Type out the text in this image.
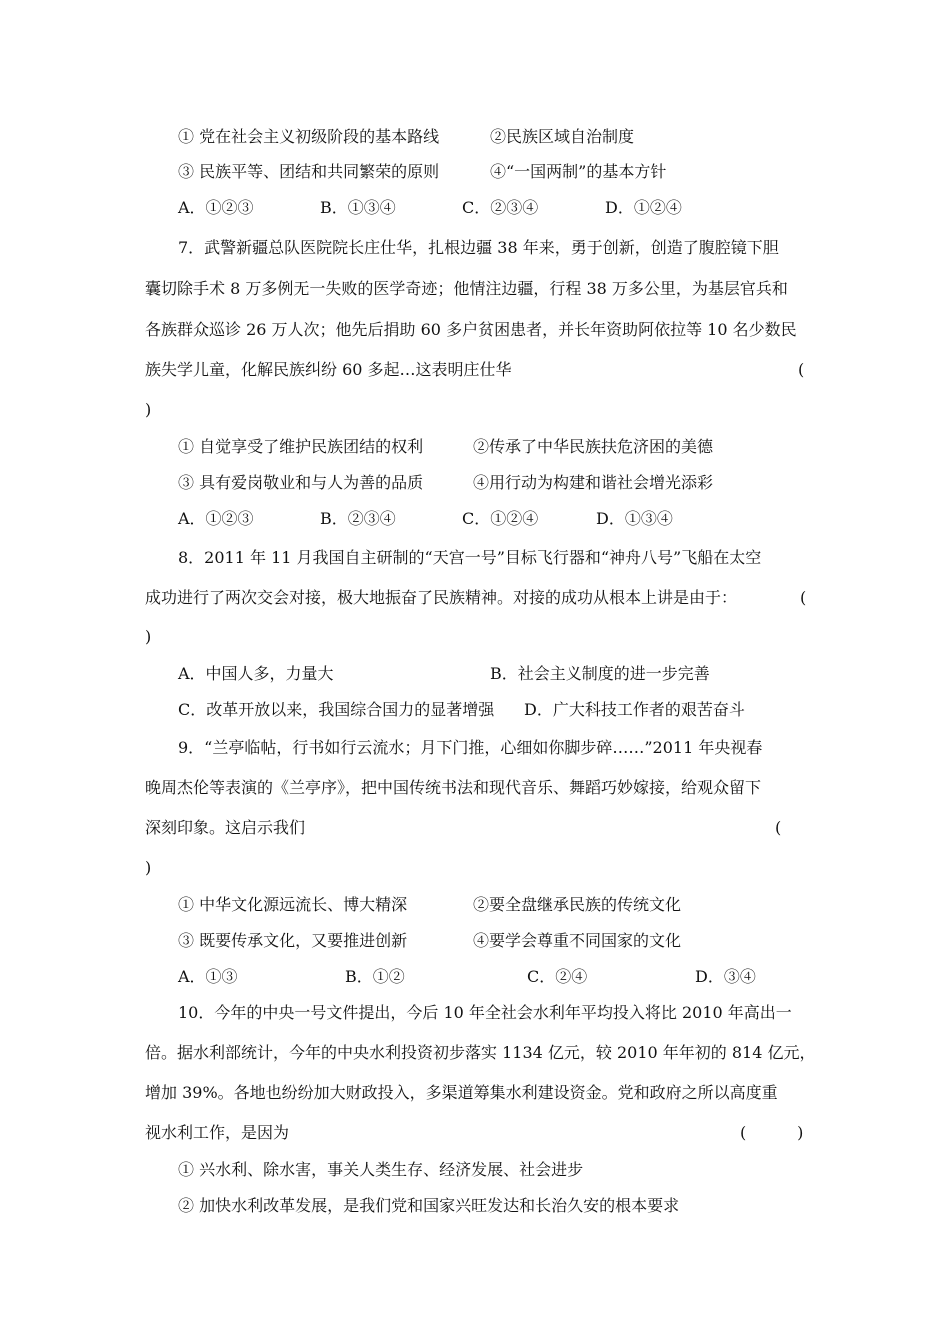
① 党在社会主义初级阶段的基本路线	②民族区域自治制度
③ 民族平等、团结和共同繁荣的原则	④“一国两制”的基本方针
A．①②③	B．①③④	C．②③④	D．①②④
7．武警新疆总队医院院长庄仕华，扎根边疆 38 年来，勇于创新，创造了腹腔镜下胆
囊切除手术 8 万多例无一失败的医学奇迹；他情注边疆，行程 38 万多公里，为基层官兵和
各族群众巡诊 26 万人次；他先后捐助 60 多户贫困患者，并长年资助阿依拉等 10 名少数民
族失学儿童，化解民族纠纷 60 多起…这表明庄仕华	(
)
① 自觉享受了维护民族团结的权利	②传承了中华民族扶危济困的美德
③ 具有爱岗敬业和与人为善的品质	④用行动为构建和谐社会增光添彩
A．①②③	B．②③④	C．①②④	D．①③④
8．2011 年 11 月我国自主研制的“天宫一号”目标飞行器和“神舟八号”飞船在太空
成功进行了两次交会对接，极大地振奋了民族精神。对接的成功从根本上讲是由于：	(
)
A．中国人多，力量大	B．社会主义制度的进一步完善
C．改革开放以来，我国综合国力的显著增强 D．广大科技工作者的艰苦奋斗
9．“兰亭临帖，行书如行云流水；月下门推，心细如你脚步碎……”2011 年央视春
晚周杰伦等表演的《兰亭序》，把中国传统书法和现代音乐、舞蹈巧妙嫁接，给观众留下
深刻印象。这启示我们	(
)
① 中华文化源远流长、博大精深	②要全盘继承民族的传统文化
③ 既要传承文化，又要推进创新	④要学会尊重不同国家的文化
A．①③	B．①②	C．②④	D．③④
10．今年的中央一号文件提出，今后 10 年全社会水利年平均投入将比 2010 年高出一
倍。据水利部统计，今年的中央水利投资初步落实 1134 亿元，较 2010 年年初的 814 亿元，
增加 39%。各地也纷纷加大财政投入，多渠道筹集水利建设资金。党和政府之所以高度重
视水利工作，是因为	(          )
① 兴水利、除水害，事关人类生存、经济发展、社会进步
② 加快水利改革发展，是我们党和国家兴旺发达和长治久安的根本要求
